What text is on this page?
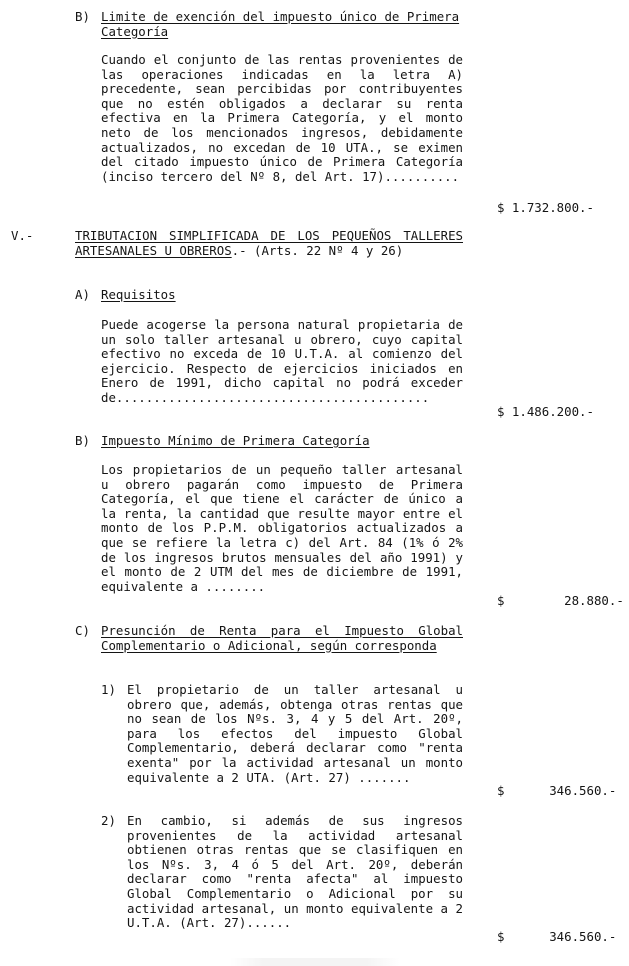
B) Limite de exención del impuesto único de Primera Categoría
Cuando el conjunto de las rentas provenientes de las operaciones indicadas en la letra A) precedente, sean percibidas por contribuyentes que no estén obligados a declarar su renta efectiva en la Primera Categoría, y el monto neto de los mencionados ingresos, debidamente actualizados, no excedan de 10 UTA., se eximen del citado impuesto único de Primera Categoría (inciso tercero del Nº 8, del Art. 17)..........
$ 1.732.800.-
V.-	TRIBUTACION SIMPLIFICADA DE LOS PEQUEÑOS TALLERES ARTESANALES U OBREROS.- (Arts. 22 Nº 4 y 26)
A) Requisitos
Puede acogerse la persona natural propietaria de un solo taller artesanal u obrero, cuyo capital efectivo no exceda de 10 U.T.A. al comienzo del ejercicio. Respecto de ejercicios iniciados en Enero de 1991, dicho capital no podrá exceder de..........................................
$ 1.486.200.-
B) Impuesto Mínimo de Primera Categoría
Los propietarios de un pequeño taller artesanal u obrero pagarán como impuesto de Primera Categoría, el que tiene el carácter de único a la renta, la cantidad que resulte mayor entre el monto de los P.P.M. obligatorios actualizados a que se refiere la letra c) del Art. 84 (1% ó 2% de los ingresos brutos mensuales del año 1991) y el monto de 2 UTM del mes de diciembre de 1991, equivalente a ........
$        28.880.-
C) Presunción de Renta para el Impuesto Global Complementario o Adicional, según corresponda
1) El propietario de un taller artesanal u obrero que, además, obtenga otras rentas que no sean de los Nºs. 3, 4 y 5 del Art. 20º, para los efectos del impuesto Global Complementario, deberá declarar como "renta exenta" por la actividad artesanal un monto equivalente a 2 UTA. (Art. 27) .......
$      346.560.-
2) En cambio, si además de sus ingresos provenientes de la actividad artesanal obtienen otras rentas que se clasifiquen en los Nºs. 3, 4 ó 5 del Art. 20º, deberán declarar como "renta afecta" al impuesto Global Complementario o Adicional por su actividad artesanal, un monto equivalente a 2 U.T.A. (Art. 27)......
$      346.560.-
